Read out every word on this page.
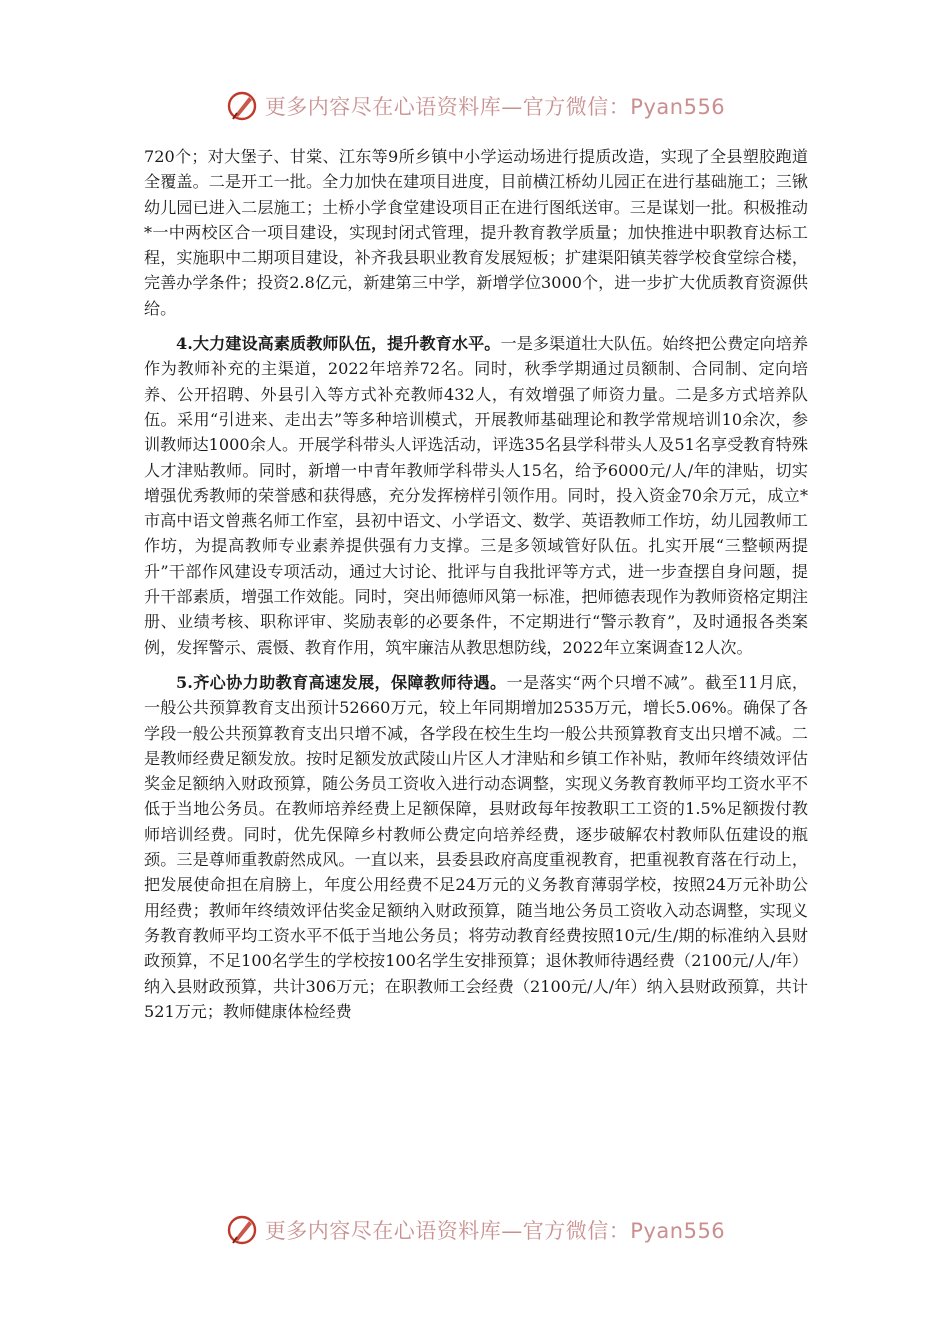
更多内容尽在心语资料库—官方微信：Pyan556

720个；对大堡子、甘棠、江东等9所乡镇中小学运动场进行提质改造，实现了全县塑胶跑道全覆盖。二是开工一批。全力加快在建项目进度，目前横江桥幼儿园正在进行基础施工；三锹幼儿园已进入二层施工；土桥小学食堂建设项目正在进行图纸送审。三是谋划一批。积极推动*一中两校区合一项目建设，实现封闭式管理，提升教育教学质量；加快推进中职教育达标工程，实施职中二期项目建设，补齐我县职业教育发展短板；扩建渠阳镇芙蓉学校食堂综合楼，完善办学条件；投资2.8亿元，新建第三中学，新增学位3000个，进一步扩大优质教育资源供给。

4.大力建设高素质教师队伍，提升教育水平。一是多渠道壮大队伍。始终把公费定向培养作为教师补充的主渠道，2022年培养72名。同时，秋季学期通过员额制、合同制、定向培养、公开招聘、外县引入等方式补充教师432人，有效增强了师资力量。二是多方式培养队伍。采用“引进来、走出去”等多种培训模式，开展教师基础理论和教学常规培训10余次，参训教师达1000余人。开展学科带头人评选活动，评选35名县学科带头人及51名享受教育特殊人才津贴教师。同时，新增一中青年教师学科带头人15名，给予6000元/人/年的津贴，切实增强优秀教师的荣誉感和获得感，充分发挥榜样引领作用。同时，投入资金70余万元，成立*市高中语文曾燕名师工作室，县初中语文、小学语文、数学、英语教师工作坊，幼儿园教师工作坊，为提高教师专业素养提供强有力支撑。三是多领域管好队伍。扎实开展“三整顿两提升”干部作风建设专项活动，通过大讨论、批评与自我批评等方式，进一步查摆自身问题，提升干部素质，增强工作效能。同时，突出师德师风第一标准，把师德表现作为教师资格定期注册、业绩考核、职称评审、奖励表彰的必要条件，不定期进行“警示教育”，及时通报各类案例，发挥警示、震慑、教育作用，筑牢廉洁从教思想防线，2022年立案调查12人次。

5.齐心协力助教育高速发展，保障教师待遇。一是落实“两个只增不减”。截至11月底，一般公共预算教育支出预计52660万元，较上年同期增加2535万元，增长5.06%。确保了各学段一般公共预算教育支出只增不减，各学段在校生生均一般公共预算教育支出只增不减。二是教师经费足额发放。按时足额发放武陵山片区人才津贴和乡镇工作补贴，教师年终绩效评估奖金足额纳入财政预算，随公务员工资收入进行动态调整，实现义务教育教师平均工资水平不低于当地公务员。在教师培养经费上足额保障，县财政每年按教职工工资的1.5%足额拨付教师培训经费。同时，优先保障乡村教师公费定向培养经费，逐步破解农村教师队伍建设的瓶颈。三是尊师重教蔚然成风。一直以来，县委县政府高度重视教育，把重视教育落在行动上，把发展使命担在肩膀上，年度公用经费不足24万元的义务教育薄弱学校，按照24万元补助公用经费；教师年终绩效评估奖金足额纳入财政预算，随当地公务员工资收入动态调整，实现义务教育教师平均工资水平不低于当地公务员；将劳动教育经费按照10元/生/期的标准纳入县财政预算，不足100名学生的学校按100名学生安排预算；退休教师待遇经费（2100元/人/年）纳入县财政预算，共计306万元；在职教师工会经费（2100元/人/年）纳入县财政预算，共计521万元；教师健康体检经费

更多内容尽在心语资料库—官方微信：Pyan556
